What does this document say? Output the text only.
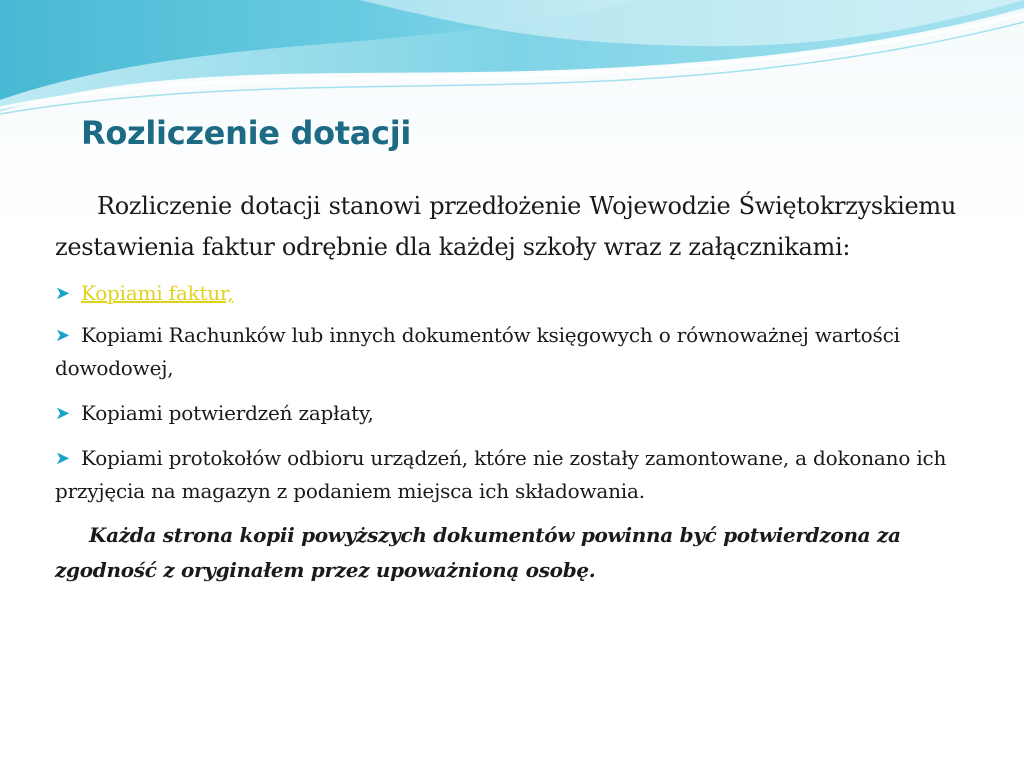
Rozliczenie dotacji

Rozliczenie dotacji stanowi przedłożenie Wojewodzie Świętokrzyskiemu zestawienia faktur odrębnie dla każdej szkoły wraz z załącznikami:

➤ Kopiami faktur,
➤ Kopiami Rachunków lub innych dokumentów księgowych o równoważnej wartości dowodowej,
➤ Kopiami potwierdzeń zapłaty,
➤ Kopiami protokołów odbioru urządzeń, które nie zostały zamontowane, a dokonano ich przyjęcia na magazyn z podaniem miejsca ich składowania.

Każda strona kopii powyższych dokumentów powinna być potwierdzona za zgodność z oryginałem przez upoważnioną osobę.
